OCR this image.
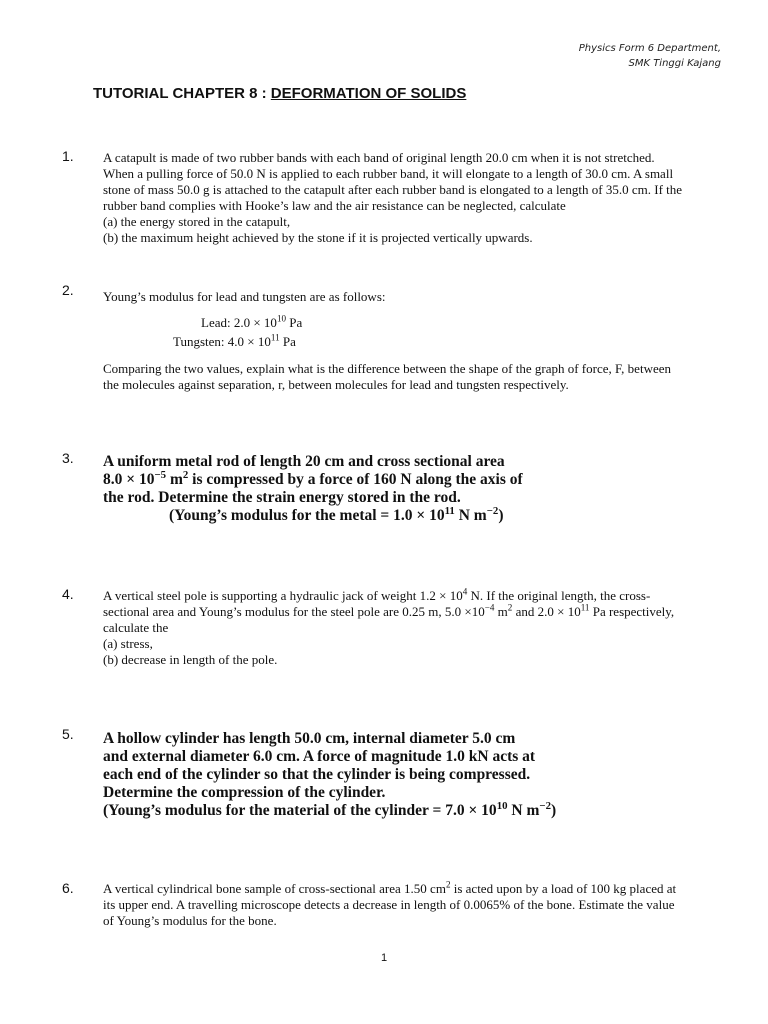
Physics Form 6 Department,
SMK Tinggi Kajang
TUTORIAL CHAPTER 8 : DEFORMATION OF SOLIDS
1. A catapult is made of two rubber bands with each band of original length 20.0 cm when it is not stretched.

When a pulling force of 50.0 N is applied to each rubber band, it will elongate to a length of 30.0 cm. A small

stone of mass 50.0 g is attached to the catapult after each rubber band is elongated to a length of 35.0 cm. If the

rubber band complies with Hooke’s law and the air resistance can be neglected, calculate

(a) the energy stored in the catapult,

(b) the maximum height achieved by the stone if it is projected vertically upwards.

2. Young’s modulus for lead and tungsten are as follows:

Lead: $2.0 \times 10^{10}$ Pa

Tungsten: $4.0 \times 10^{11}$ Pa

Comparing the two values, explain what is the difference between the shape of the graph of force, F, between

the molecules against separation, r, between molecules for lead and tungsten respectively.

3. A uniform metal rod of length 20 cm and cross sectional area

$8.0 \times 10^{-5}$ $m^2$ is compressed by a force of 160 N along the axis of

the rod. Determine the strain energy stored in the rod.

(Young’s modulus for the metal = $1.0 \times 10^{11}$ N $m^{-2}$)

4. A vertical steel pole is supporting a hydraulic jack of weight $1.2 \times 10^4$ N. If the original length, the cross-

sectional area and Young’s modulus for the steel pole are 0.25 m, $5.0 \times 10^{-4}$ $m^2$ and $2.0 \times 10^{11}$ Pa respectively,

calculate the

(a) stress,

(b) decrease in length of the pole.

5. A hollow cylinder has length 50.0 cm, internal diameter 5.0 cm

and external diameter 6.0 cm. A force of magnitude 1.0 kN acts at

each end of the cylinder so that the cylinder is being compressed.

Determine the compression of the cylinder.

(Young’s modulus for the material of the cylinder = $7.0 \times 10^{10}$ N $m^{-2}$)

6. A vertical cylindrical bone sample of cross-sectional area 1.50 $cm^2$ is acted upon by a load of 100 kg placed at

its upper end. A travelling microscope detects a decrease in length of 0.0065% of the bone. Estimate the value

of Young’s modulus for the bone.

1
